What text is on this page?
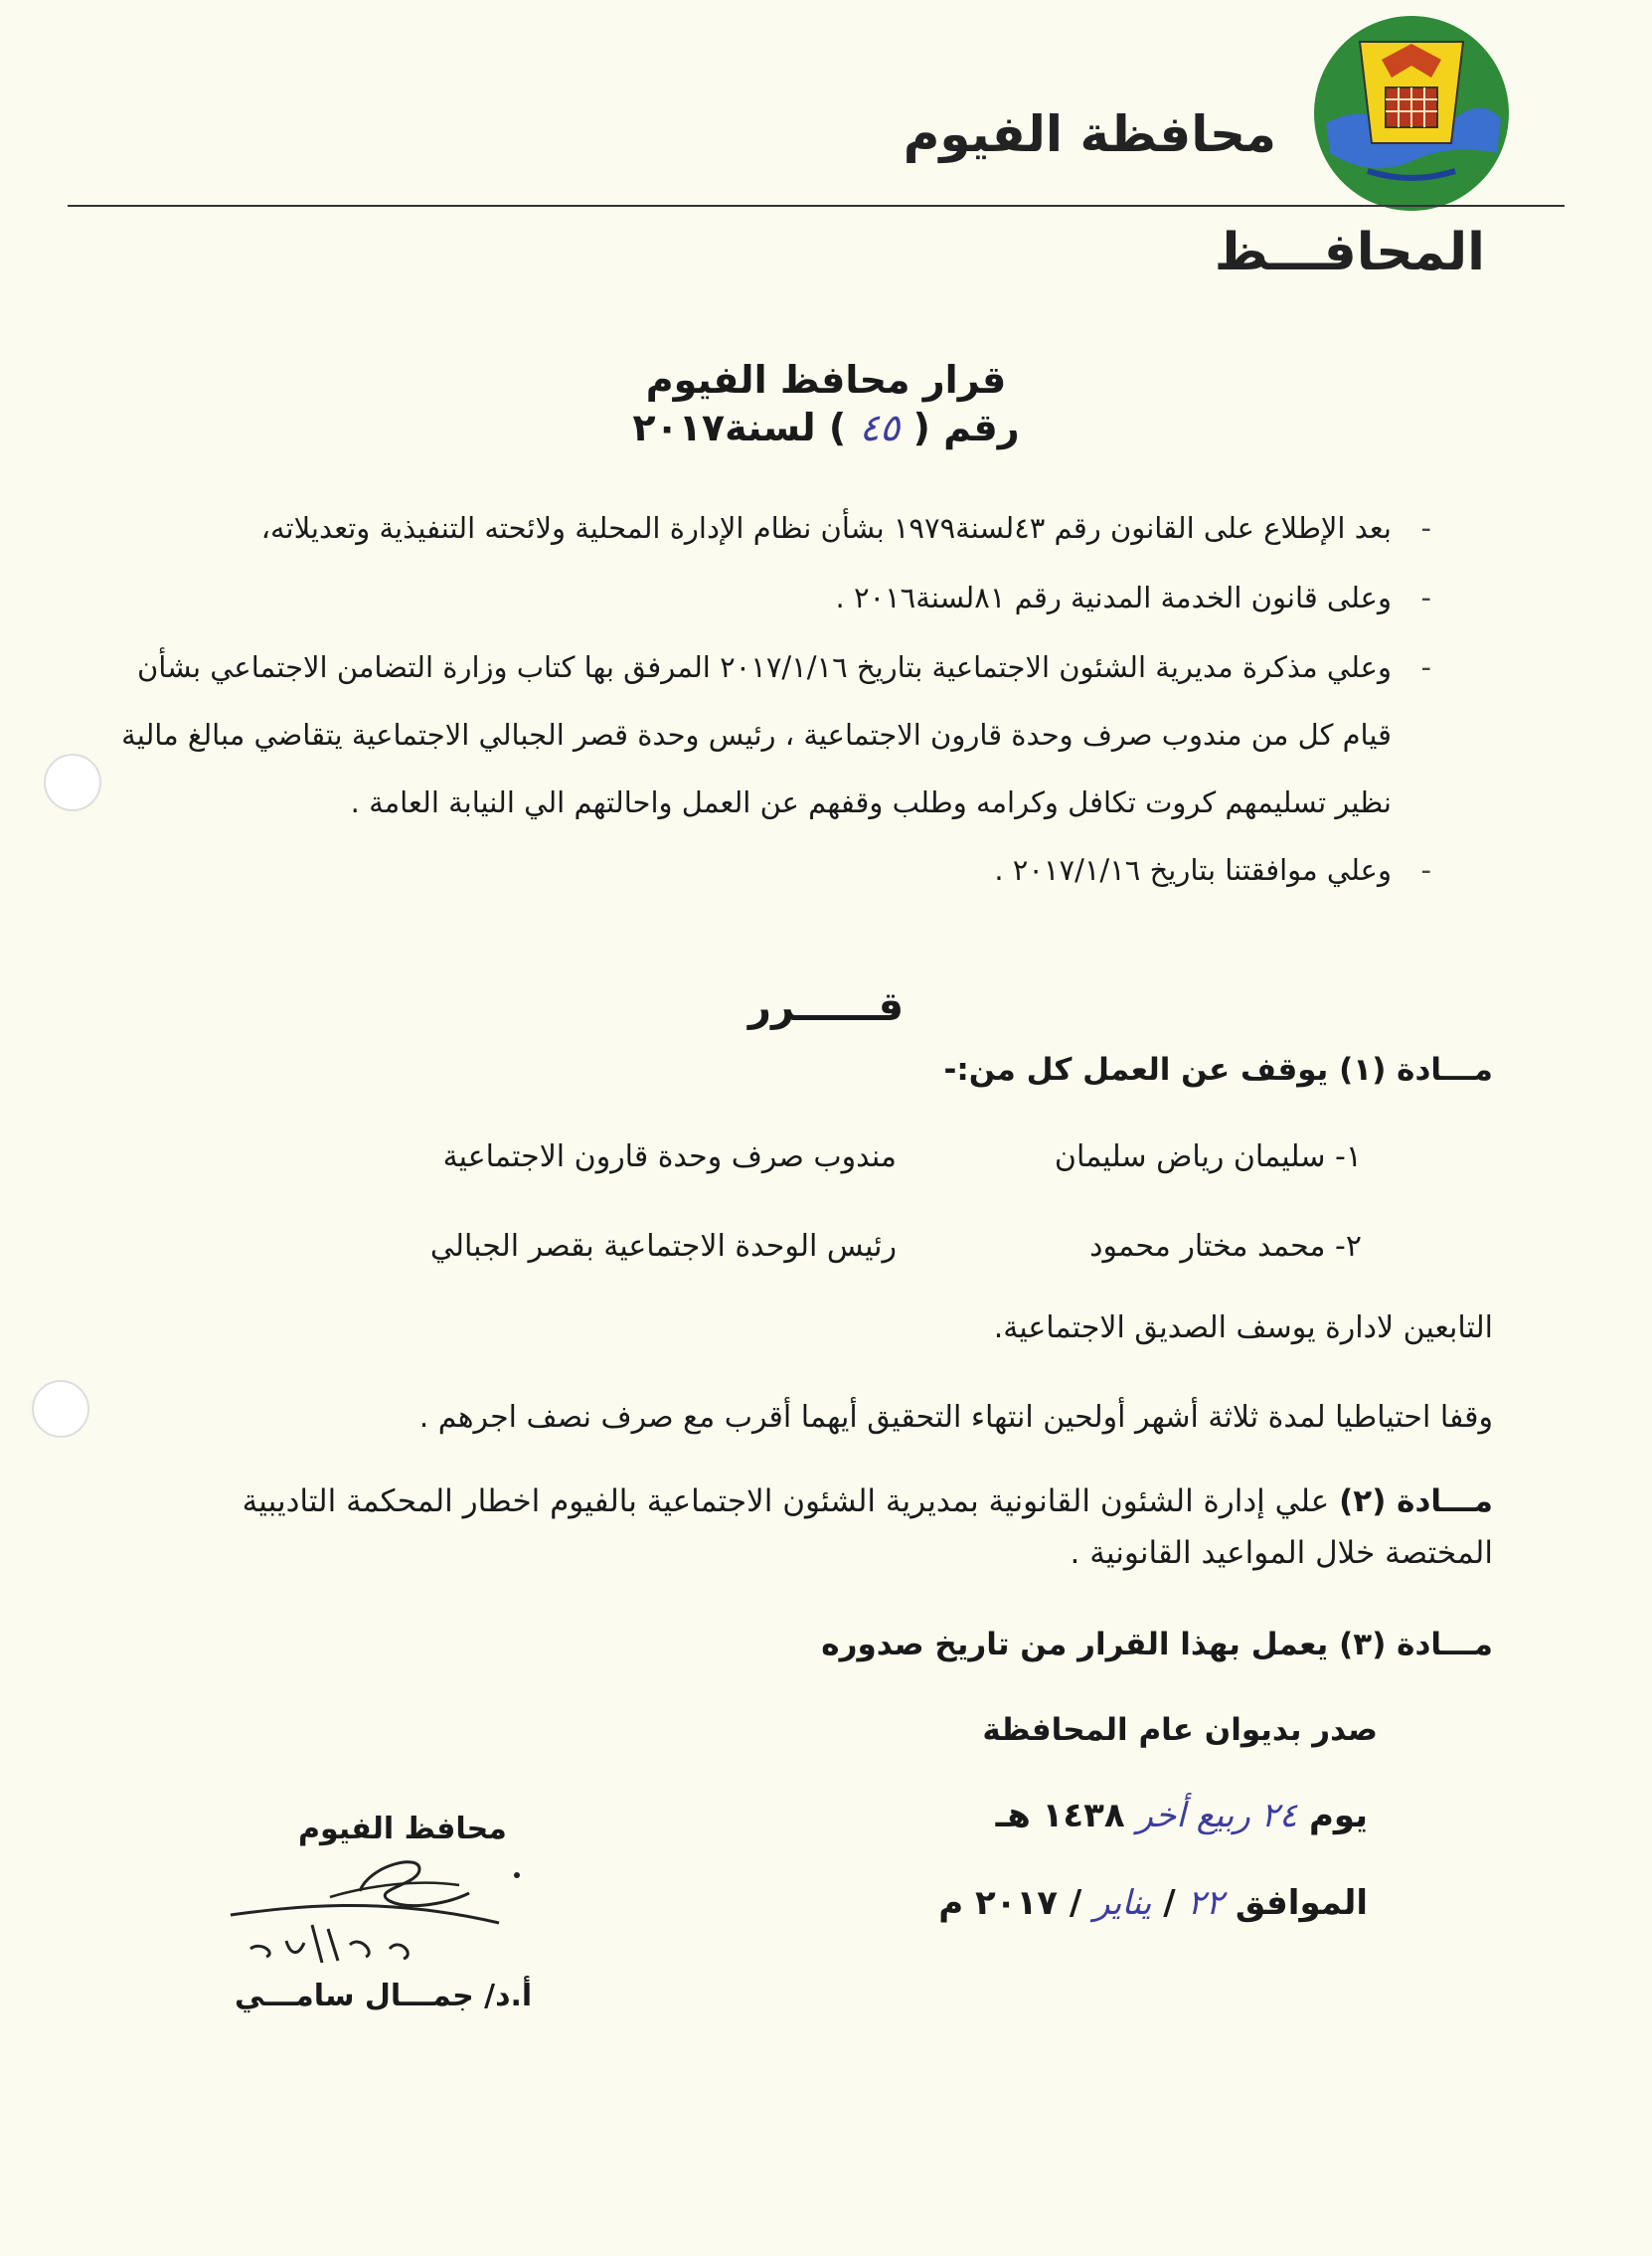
محافظة الفيوم
المحافـــظ
قرار محافظ الفيوم
رقم ( ٤٥ ) لسنة٢٠١٧
-
بعد الإطلاع على القانون رقم ٤٣لسنة١٩٧٩ بشأن نظام الإدارة المحلية ولائحته التنفيذية وتعديلاته،
-
وعلى قانون الخدمة المدنية رقم ٨١لسنة٢٠١٦ .
-
وعلي مذكرة مديرية الشئون الاجتماعية بتاريخ ٢٠١٧/١/١٦ المرفق بها كتاب وزارة التضامن الاجتماعي بشأن
قيام كل من مندوب صرف وحدة قارون الاجتماعية ، رئيس وحدة قصر الجبالي الاجتماعية يتقاضي مبالغ مالية
نظير تسليمهم كروت تكافل وكرامه وطلب وقفهم عن العمل واحالتهم الي النيابة العامة .
-
وعلي موافقتنا بتاريخ ٢٠١٧/١/١٦ .
قــــــرر
مـــادة (١) يوقف عن العمل كل من:-
١- سليمان رياض سليمان
مندوب صرف وحدة قارون الاجتماعية
٢- محمد مختار محمود
رئيس الوحدة الاجتماعية بقصر الجبالي
التابعين لادارة يوسف الصديق الاجتماعية.
وقفا احتياطيا لمدة ثلاثة أشهر أولحين انتهاء التحقيق أيهما أقرب مع صرف نصف اجرهم .
مـــادة (٢) علي إدارة الشئون القانونية بمديرية الشئون الاجتماعية بالفيوم اخطار المحكمة التاديبية
المختصة خلال المواعيد القانونية .
مـــادة (٣) يعمل بهذا القرار من تاريخ صدوره
صدر بديوان عام المحافظة
يوم ٢٤ ربيع أخر ١٤٣٨ هـ
الموافق ٢٢ / يناير / ٢٠١٧ م
محافظ الفيوم
أ.د/ جمـــال سامـــي
